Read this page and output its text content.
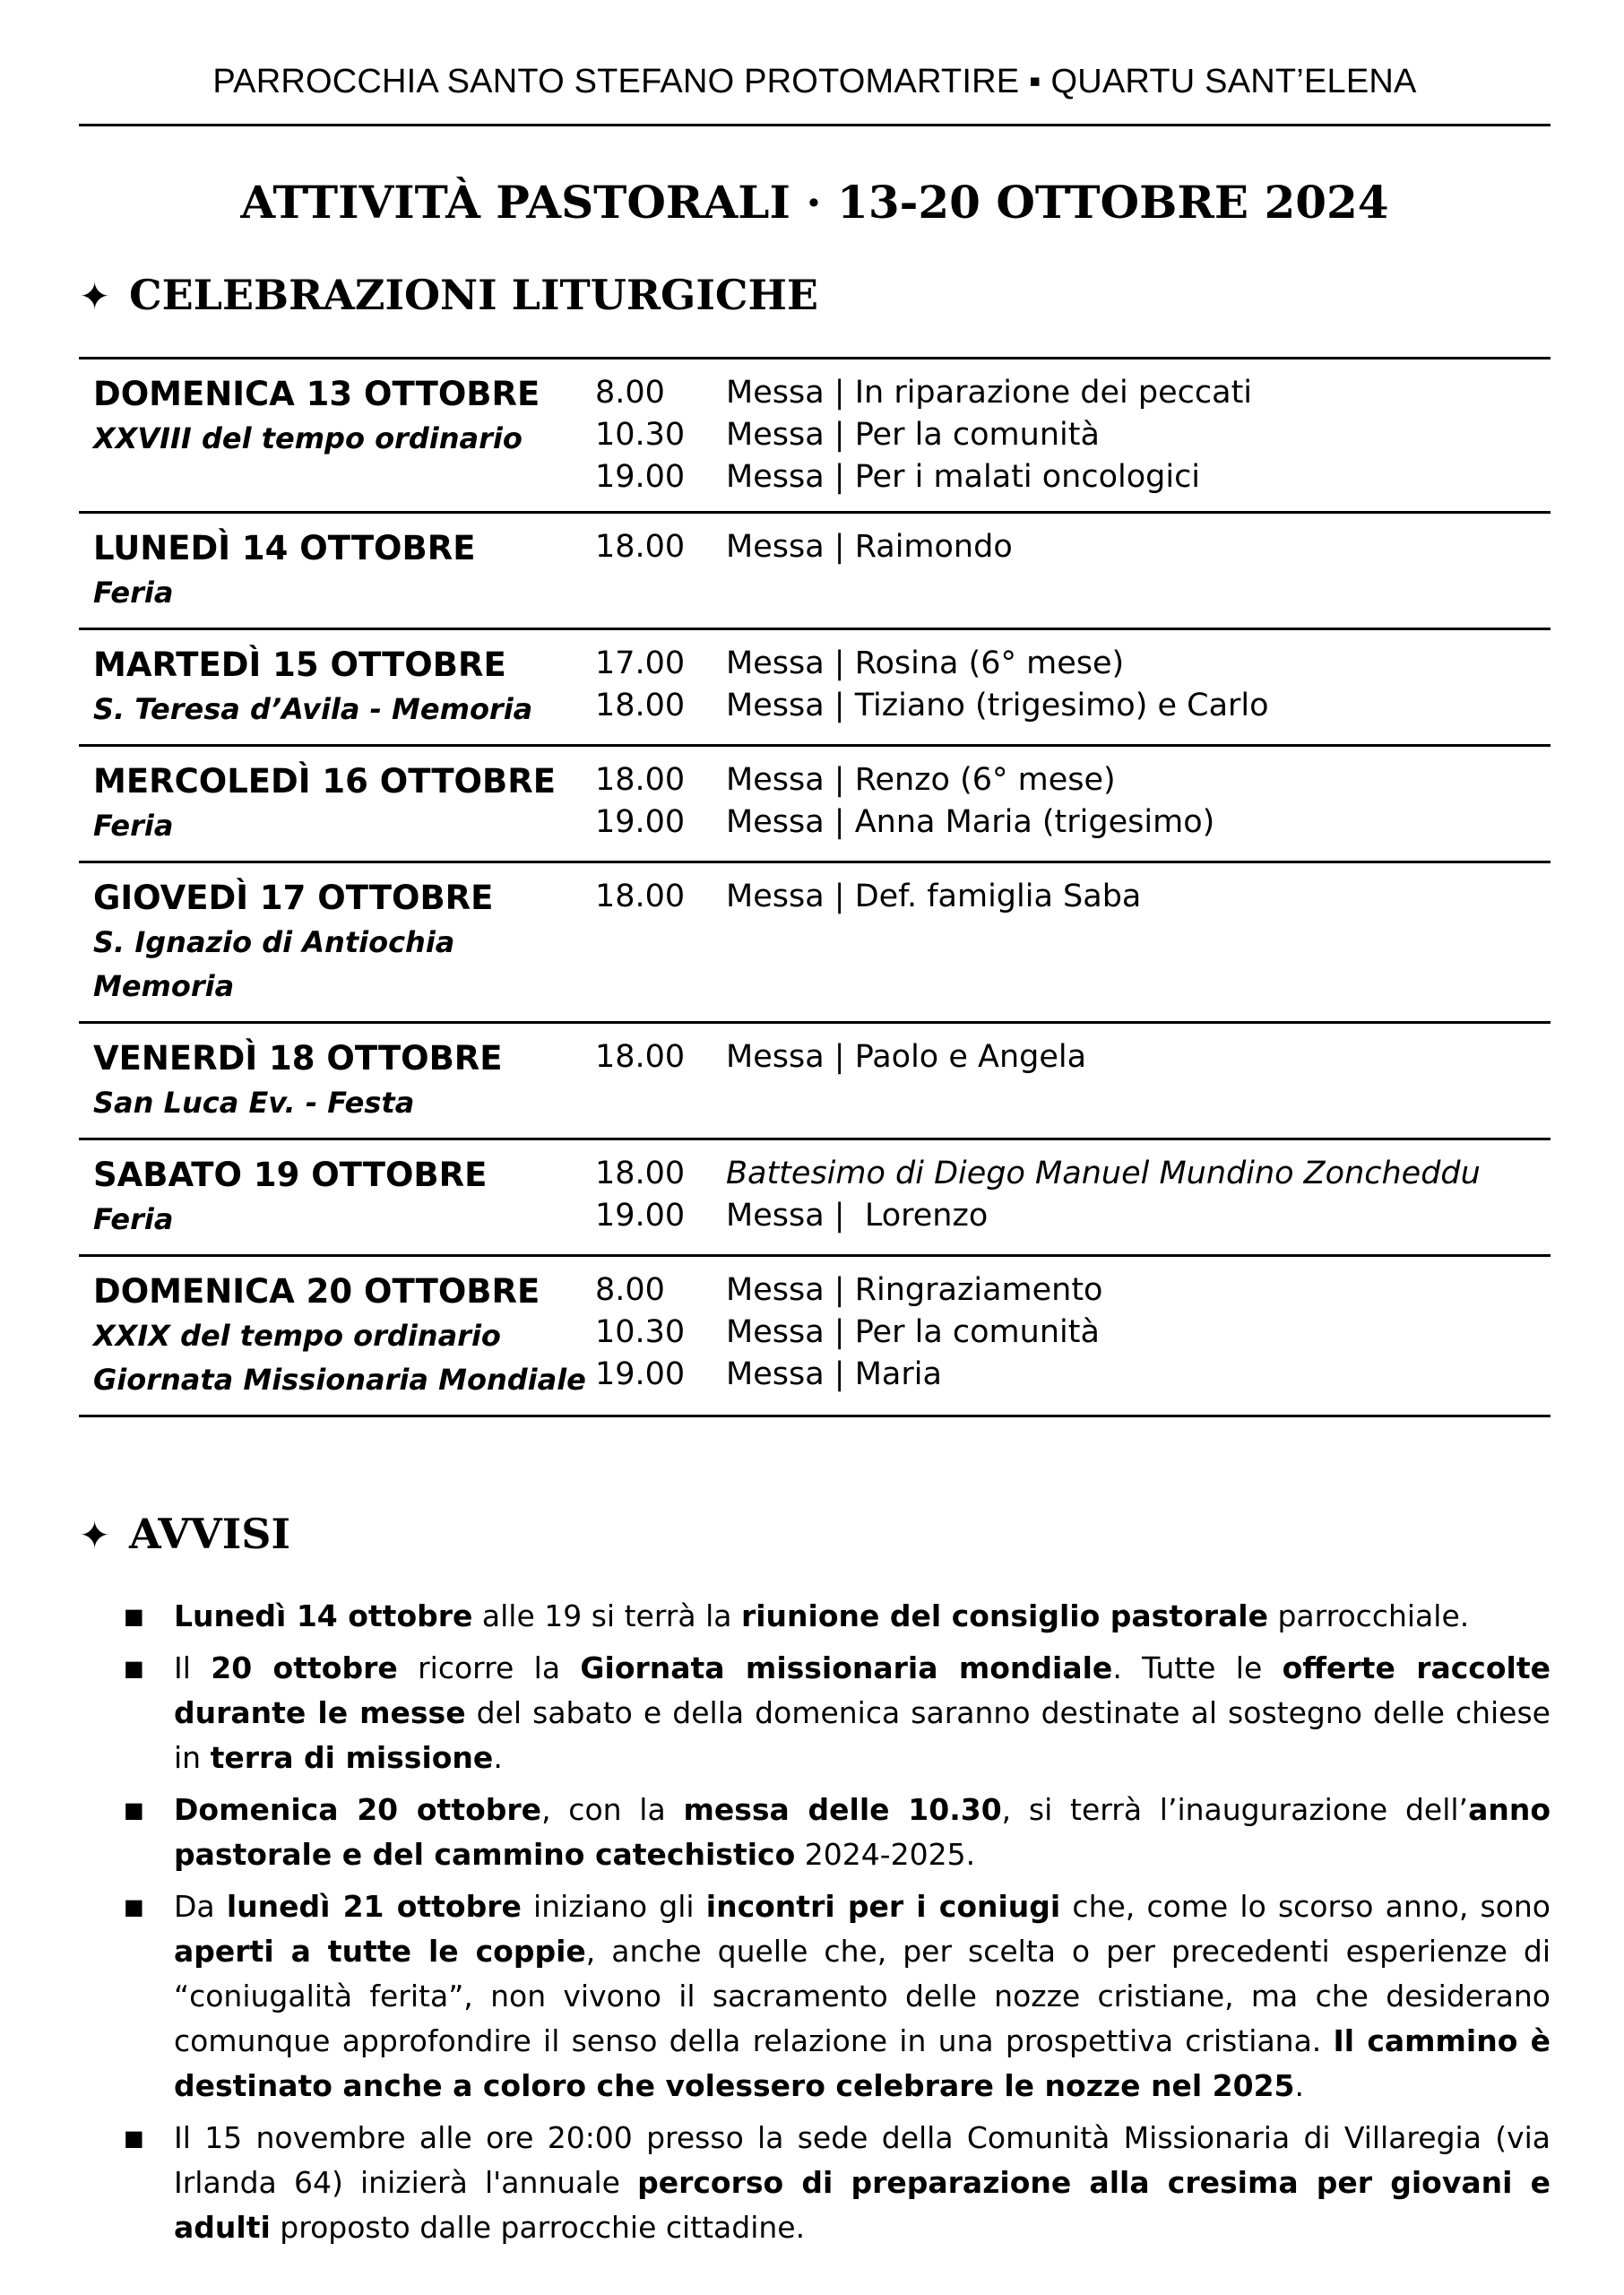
PARROCCHIA SANTO STEFANO PROTOMARTIRE ▪ QUARTU SANT’ELENA
ATTIVITÀ PASTORALI · 13-20 OTTOBRE 2024
✦ CELEBRAZIONI LITURGICHE
DOMENICA 13 OTTOBRE
XXVIII del tempo ordinario
8.00	Messa | In riparazione dei peccati
10.30	Messa | Per la comunità
19.00	Messa | Per i malati oncologici
LUNEDÌ 14 OTTOBRE
Feria
18.00	Messa | Raimondo
MARTEDÌ 15 OTTOBRE
S. Teresa d’Avila - Memoria
17.00	Messa | Rosina (6° mese)
18.00	Messa | Tiziano (trigesimo) e Carlo
MERCOLEDÌ 16 OTTOBRE
Feria
18.00	Messa | Renzo (6° mese)
19.00	Messa | Anna Maria (trigesimo)
GIOVEDÌ 17 OTTOBRE
S. Ignazio di Antiochia
Memoria
18.00	Messa | Def. famiglia Saba
VENERDÌ 18 OTTOBRE
San Luca Ev. - Festa
18.00	Messa | Paolo e Angela
SABATO 19 OTTOBRE
Feria
18.00	Battesimo di Diego Manuel Mundino Zoncheddu
19.00	Messa |  Lorenzo
DOMENICA 20 OTTOBRE
XXIX del tempo ordinario
Giornata Missionaria Mondiale
8.00	Messa | Ringraziamento
10.30	Messa | Per la comunità
19.00	Messa | Maria
✦ AVVISI
■	Lunedì 14 ottobre alle 19 si terrà la riunione del consiglio pastorale parrocchiale.
■	Il 20 ottobre ricorre la Giornata missionaria mondiale. Tutte le offerte raccolte durante le messe del sabato e della domenica saranno destinate al sostegno delle chiese in terra di missione.
■	Domenica 20 ottobre, con la messa delle 10.30, si terrà l’inaugurazione dell’anno pastorale e del cammino catechistico 2024-2025.
■	Da lunedì 21 ottobre iniziano gli incontri per i coniugi che, come lo scorso anno, sono aperti a tutte le coppie, anche quelle che, per scelta o per precedenti esperienze di “coniugalità ferita”, non vivono il sacramento delle nozze cristiane, ma che desiderano comunque approfondire il senso della relazione in una prospettiva cristiana. Il cammino è destinato anche a coloro che volessero celebrare le nozze nel 2025.
■	Il 15 novembre alle ore 20:00 presso la sede della Comunità Missionaria di Villaregia (via Irlanda 64) inizierà l'annuale percorso di preparazione alla cresima per giovani e adulti proposto dalle parrocchie cittadine.
